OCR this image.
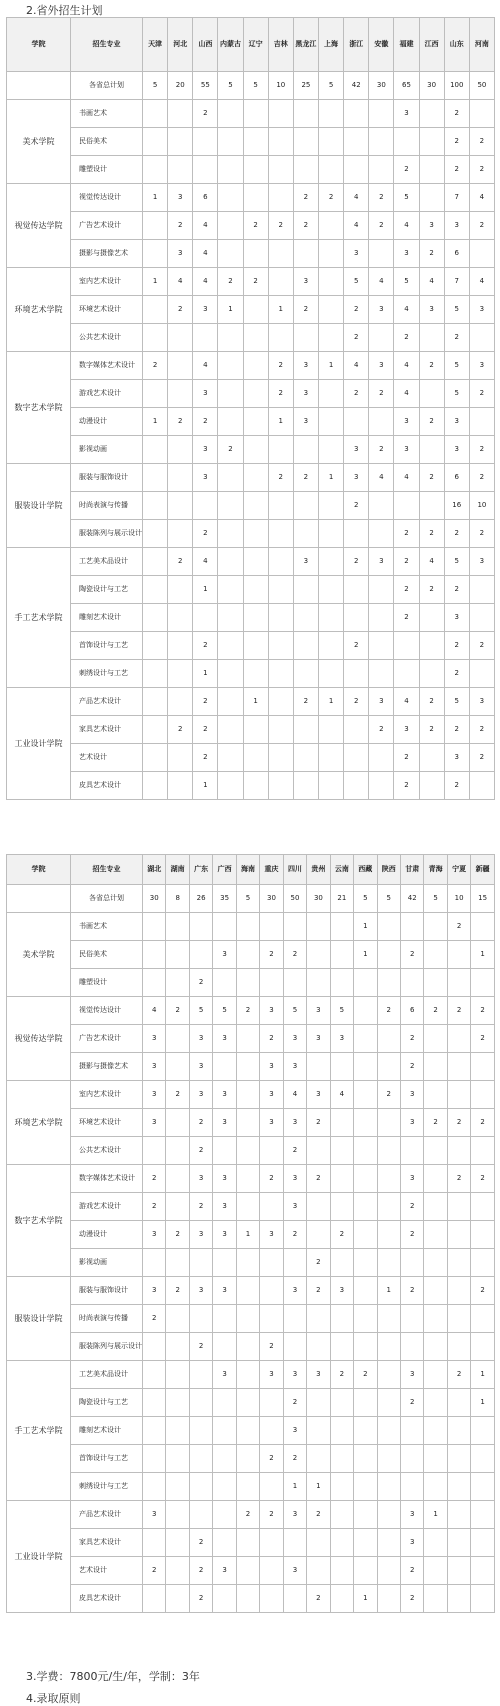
2.省外招生计划
学院	招生专业	天津	河北	山西	内蒙古	辽宁	吉林	黑龙江	上海	浙江	安徽	福建	江西	山东	河南
	各省总计划	5	20	55	5	5	10	25	5	42	30	65	30	100	50
美术学院	书画艺术			2								3		2	
	民俗美术													2	2
	雕塑设计											2		2	2
视觉传达学院	视觉传达设计	1	3	6				2	2	4	2	5		7	4
	广告艺术设计		2	4		2	2	2		4	2	4	3	3	2
	摄影与摄像艺术		3	4						3		3	2	6	
环境艺术学院	室内艺术设计	1	4	4	2	2		3		5	4	5	4	7	4
	环境艺术设计		2	3	1		1	2		2	3	4	3	5	3
	公共艺术设计									2		2		2	
数字艺术学院	数字媒体艺术设计	2		4			2	3	1	4	3	4	2	5	3
	游戏艺术设计			3			2	3		2	2	4		5	2
	动漫设计	1	2	2			1	3				3	2	3	
	影视动画			3	2					3	2	3		3	2
服装设计学院	服装与服饰设计			3			2	2	1	3	4	4	2	6	2
	时尚表演与传播									2				16	10
	服装陈列与展示设计			2								2	2	2	2
手工艺术学院	工艺美术品设计		2	4				3		2	3	2	4	5	3
	陶瓷设计与工艺			1								2	2	2	
	雕刻艺术设计											2		3	
	首饰设计与工艺			2						2				2	2
	刺绣设计与工艺			1										2	
工业设计学院	产品艺术设计			2		1		2	1	2	3	4	2	5	3
	家具艺术设计		2	2							2	3	2	2	2
	艺术设计			2								2		3	2
	皮具艺术设计			1								2		2	
学院	招生专业	湖北	湖南	广东	广西	海南	重庆	四川	贵州	云南	西藏	陕西	甘肃	青海	宁夏	新疆
	各省总计划	30	8	26	35	5	30	50	30	21	5	5	42	5	10	15
美术学院	书画艺术										1				2	
	民俗美术				3		2	2			1		2			1
	雕塑设计			2												
视觉传达学院	视觉传达设计	4	2	5	5	2	3	5	3	5		2	6	2	2	2
	广告艺术设计	3		3	3		2	3	3	3			2			2
	摄影与摄像艺术	3		3			3	3					2			
环境艺术学院	室内艺术设计	3	2	3	3		3	4	3	4		2	3			
	环境艺术设计	3		2	3		3	3	2				3	2	2	2
	公共艺术设计			2				2								
数字艺术学院	数字媒体艺术设计	2		3	3		2	3	2				3		2	2
	游戏艺术设计	2		2	3			3					2			
	动漫设计	3	2	3	3	1	3	2		2			2			
	影视动画								2							
服装设计学院	服装与服饰设计	3	2	3	3			3	2	3		1	2			2
	时尚表演与传播	2														
	服装陈列与展示设计			2			2									
手工艺术学院	工艺美术品设计				3		3	3	3	2	2		3		2	1
	陶瓷设计与工艺							2					2			1
	雕刻艺术设计							3								
	首饰设计与工艺						2	2								
	刺绣设计与工艺							1	1							
工业设计学院	产品艺术设计	3				2	2	3	2				3	1		
	家具艺术设计			2									3			
	艺术设计	2		2	3			3					2			
	皮具艺术设计			2					2		1		2			
3.学费：7800元/生/年，学制：3年
4.录取原则
